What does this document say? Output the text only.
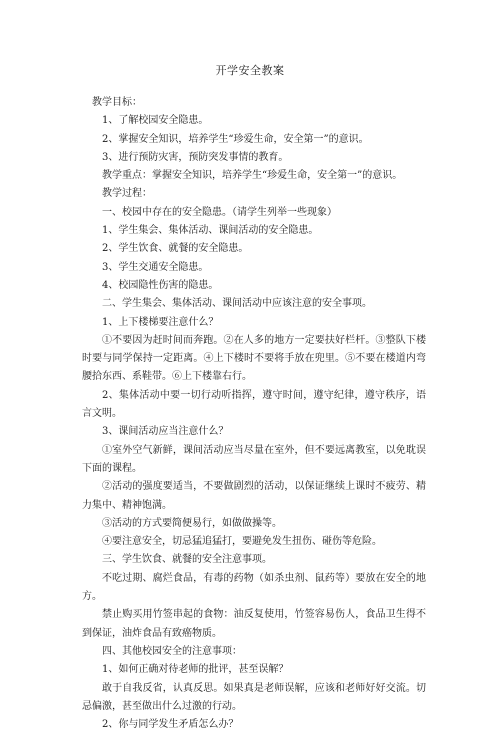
开学安全教案

教学目标：

1、了解校园安全隐患。

2、掌握安全知识，培养学生“珍爱生命，安全第一”的意识。

3、进行预防灾害，预防突发事情的教育。

教学重点：掌握安全知识，培养学生“珍爱生命，安全第一”的意识。

教学过程：

一、校园中存在的安全隐患。（请学生列举一些现象）

1、学生集会、集体活动、课间活动的安全隐患。

2、学生饮食、就餐的安全隐患。

3、学生交通安全隐患。

4、校园隐性伤害的隐患。

二、学生集会、集体活动、课间活动中应该注意的安全事项。

1、上下楼梯要注意什么？

①不要因为赶时间而奔跑。②在人多的地方一定要扶好栏杆。③整队下楼时要与同学保持一定距离。④上下楼时不要将手放在兜里。⑤不要在楼道内弯腰拾东西、系鞋带。⑥上下楼靠右行。

2、集体活动中要一切行动听指挥，遵守时间，遵守纪律，遵守秩序，语言文明。

3、课间活动应当注意什么？

①室外空气新鲜，课间活动应当尽量在室外，但不要远离教室，以免耽误下面的课程。

②活动的强度要适当，不要做剧烈的活动，以保证继续上课时不疲劳、精力集中、精神饱满。

③活动的方式要简便易行，如做做操等。

④要注意安全，切忌猛追猛打，要避免发生扭伤、碰伤等危险。

三、学生饮食、就餐的安全注意事项。

不吃过期、腐烂食品，有毒的药物（如杀虫剂、鼠药等）要放在安全的地方。

禁止购买用竹签串起的食物：油反复使用，竹签容易伤人，食品卫生得不到保证，油炸食品有致癌物质。

四、其他校园安全的注意事项：

1、如何正确对待老师的批评，甚至误解？

敢于自我反省，认真反思。如果真是老师误解，应该和老师好好交流。切忌偏激，甚至做出什么过激的行动。

2、你与同学发生矛盾怎么办？
